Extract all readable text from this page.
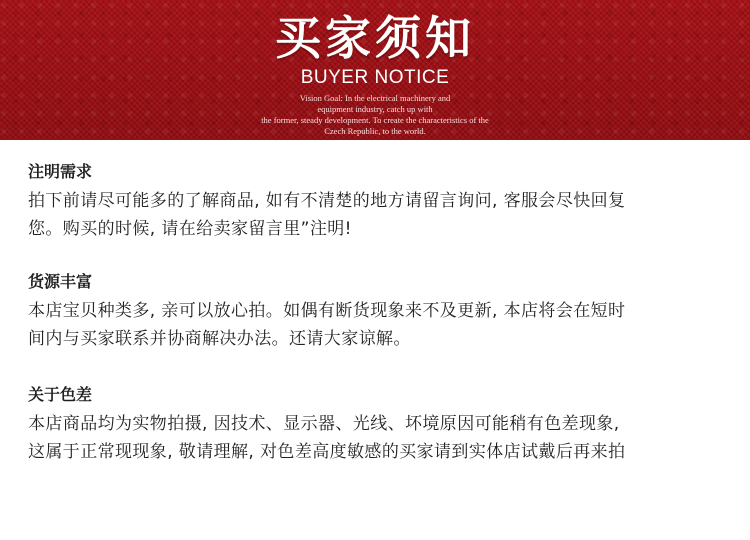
买家须知
BUYER NOTICE
Vision Goal: In the electrical machinery and
equipment industry, catch up with
the former, steady development. To create the characteristics of the
Czech Republic, to the world.
注明需求
拍下前请尽可能多的了解商品, 如有不清楚的地方请留言询问, 客服会尽快回复
您。购买的时候, 请在给卖家留言里”注明!
货源丰富
本店宝贝种类多, 亲可以放心拍。如偶有断货现象来不及更新, 本店将会在短时
间内与买家联系并协商解决办法。还请大家谅解。
关于色差
本店商品均为实物拍摄, 因技术、显示器、光线、坏境原因可能稍有色差现象,
这属于正常现现象, 敬请理解, 对色差高度敏感的买家请到实体店试戴后再来拍
